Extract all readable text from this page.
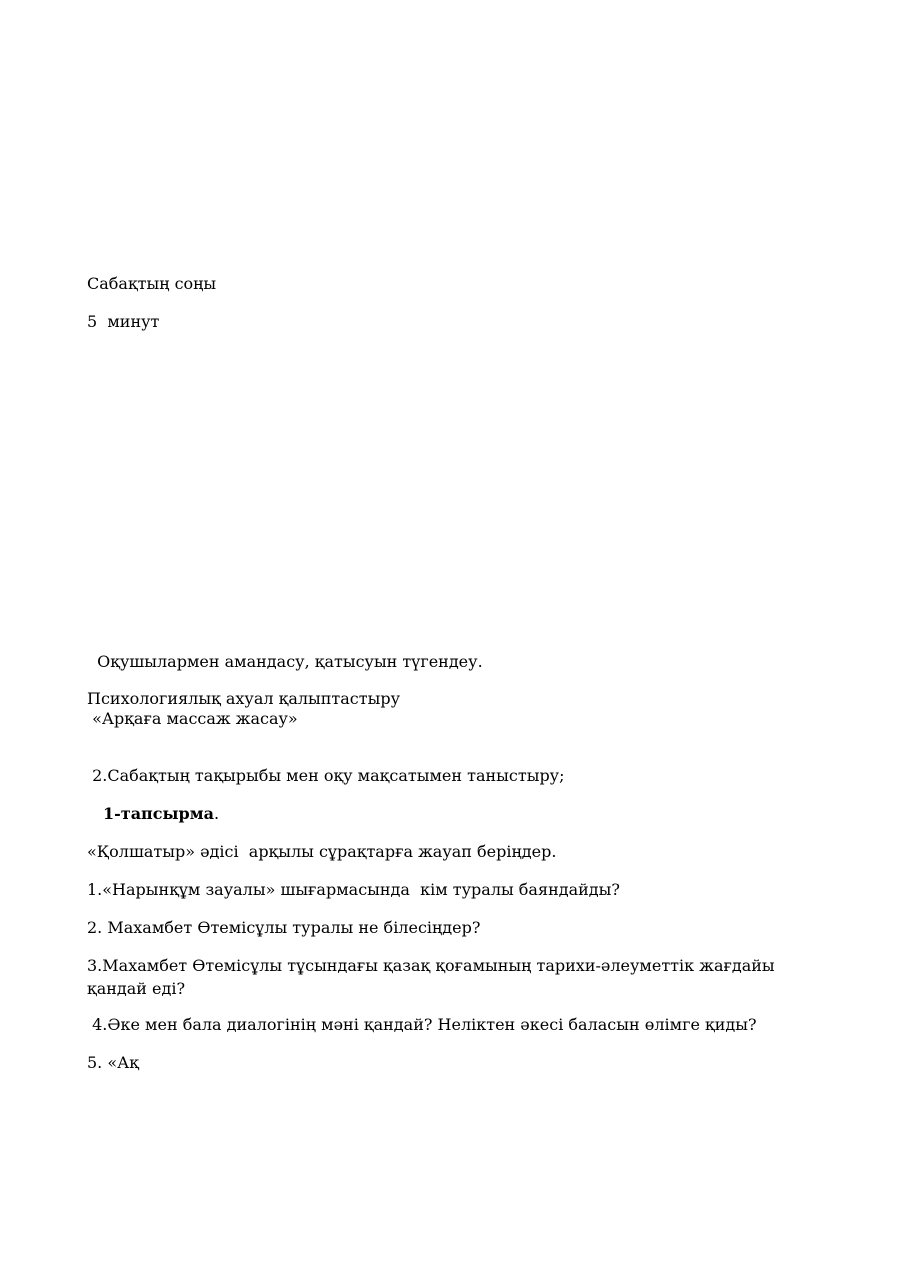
Сабақтың соңы

5  минут

Оқушылармен амандасу, қатысуын түгендеу.

Психологиялық ахуал қалыптастыру

«Арқаға массаж жасау»

2.Сабақтың тақырыбы мен оқу мақсатымен таныстыру;

1-тапсырма.

«Қолшатыр» әдісі  арқылы сұрақтарға жауап беріңдер.

1.«Нарынқұм зауалы» шығармасында  кім туралы баяндайды?

2. Махамбет Өтемісұлы туралы не білесіңдер?

3.Махамбет Өтемісұлы тұсындағы қазақ қоғамының тарихи-әлеуметтік жағдайы қандай еді?

4.Әке мен бала диалогінің мәні қандай? Неліктен әкесі баласын өлімге қиды?

5. «Ақ
